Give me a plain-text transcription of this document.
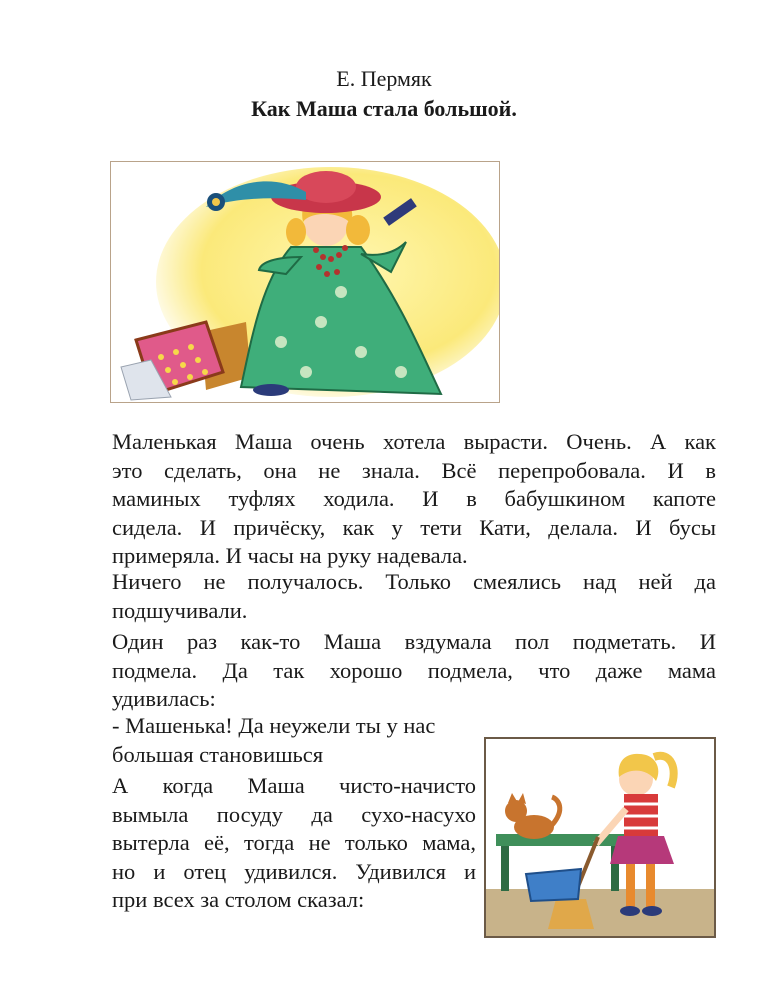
Е. Пермяк
Как Маша стала большой.
Маленькая Маша очень хотела вырасти. Очень. А как
это сделать, она не знала. Всё перепробовала. И в
маминых туфлях ходила. И в бабушкином капоте
сидела. И причёску, как у тети Кати, делала. И бусы
примеряла. И часы на руку надевала.
Ничего не получалось. Только смеялись над ней да
подшучивали.
Один раз как-то Маша вздумала пол подметать. И
подмела. Да так хорошо подмела, что даже мама
удивилась:
- Машенька! Да неужели ты у нас
большая становишься
А когда Маша чисто-начисто
вымыла посуду да сухо-насухо
вытерла её, тогда не только мама,
но и отец удивился. Удивился и
при всех за столом сказал:
